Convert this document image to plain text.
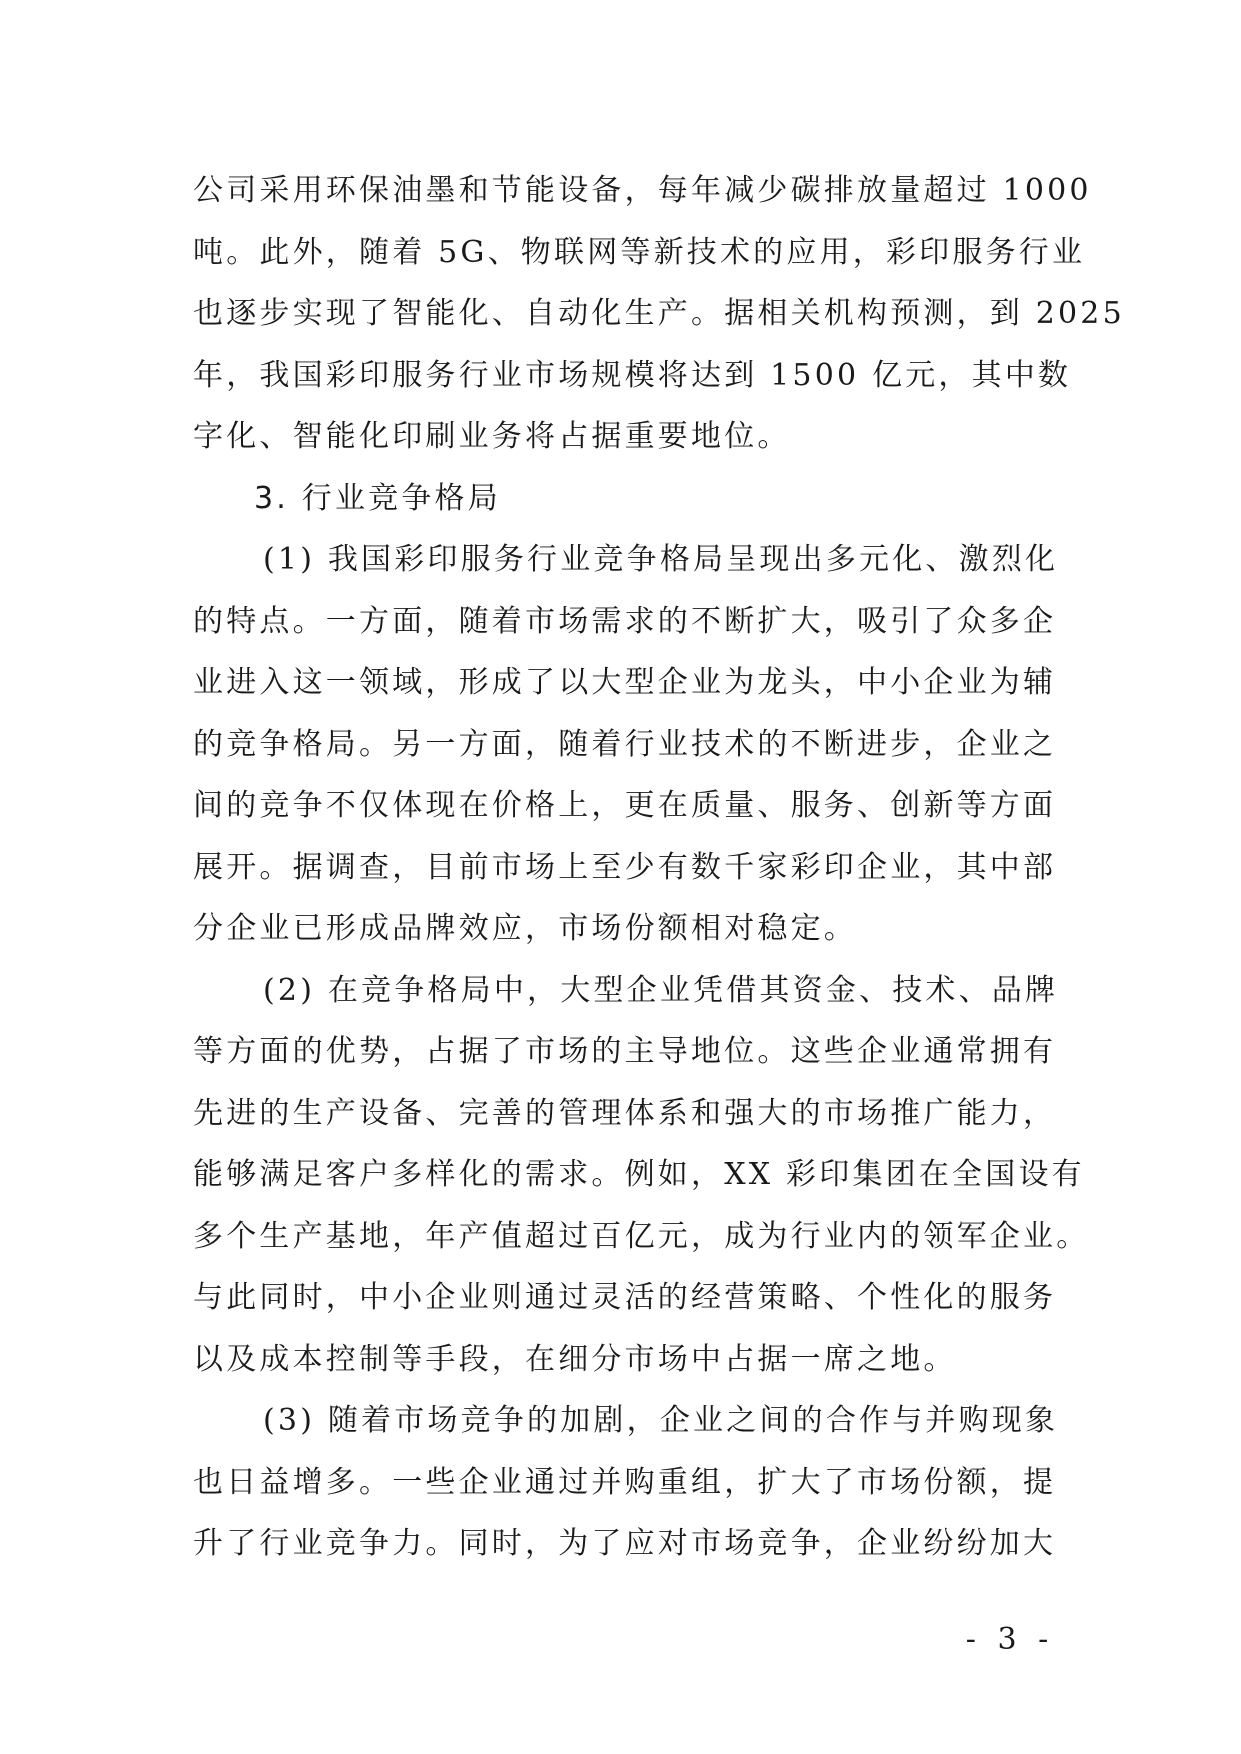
公司采用环保油墨和节能设备，每年减少碳排放量超过 1000
吨。此外，随着 5G、物联网等新技术的应用，彩印服务行业
也逐步实现了智能化、自动化生产。据相关机构预测，到 2025
年，我国彩印服务行业市场规模将达到 1500 亿元，其中数
字化、智能化印刷业务将占据重要地位。
3. 行业竞争格局
(1) 我国彩印服务行业竞争格局呈现出多元化、激烈化
的特点。一方面，随着市场需求的不断扩大，吸引了众多企
业进入这一领域，形成了以大型企业为龙头，中小企业为辅
的竞争格局。另一方面，随着行业技术的不断进步，企业之
间的竞争不仅体现在价格上，更在质量、服务、创新等方面
展开。据调查，目前市场上至少有数千家彩印企业，其中部
分企业已形成品牌效应，市场份额相对稳定。
(2) 在竞争格局中，大型企业凭借其资金、技术、品牌
等方面的优势，占据了市场的主导地位。这些企业通常拥有
先进的生产设备、完善的管理体系和强大的市场推广能力，
能够满足客户多样化的需求。例如，XX 彩印集团在全国设有
多个生产基地，年产值超过百亿元，成为行业内的领军企业。
与此同时，中小企业则通过灵活的经营策略、个性化的服务
以及成本控制等手段，在细分市场中占据一席之地。
(3) 随着市场竞争的加剧，企业之间的合作与并购现象
也日益增多。一些企业通过并购重组，扩大了市场份额，提
升了行业竞争力。同时，为了应对市场竞争，企业纷纷加大
- 3 -
